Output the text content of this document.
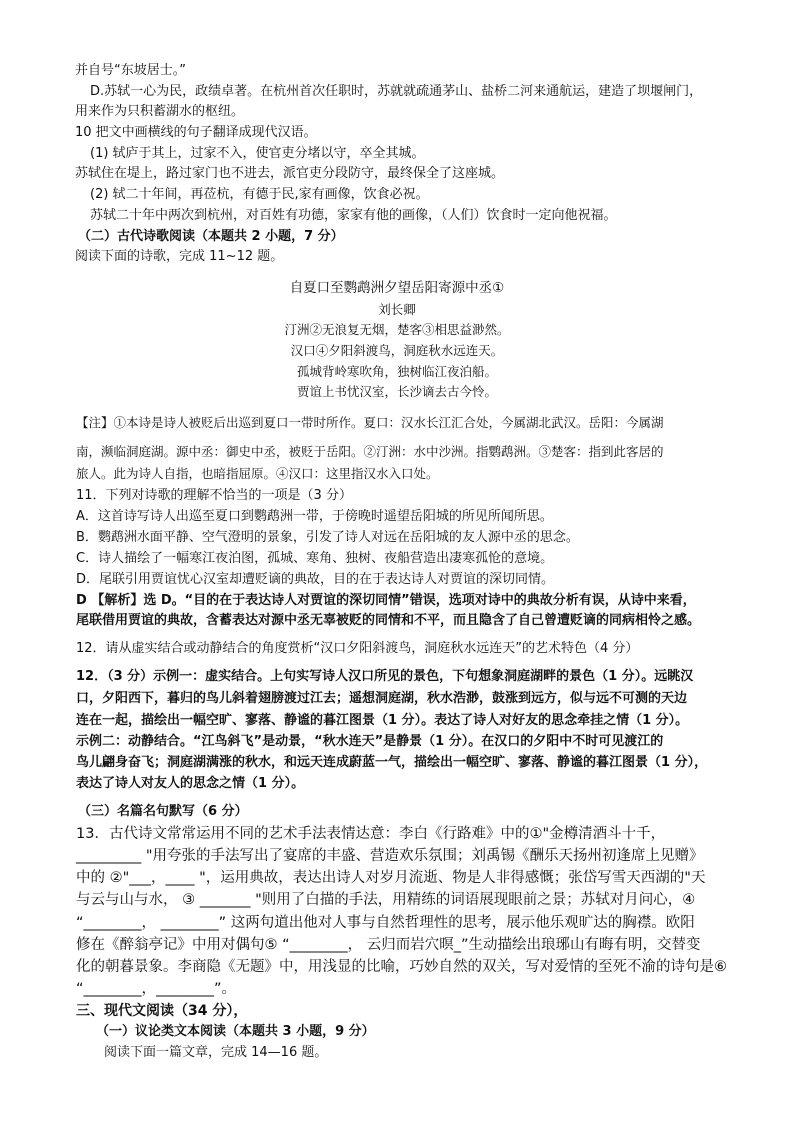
并自号“东坡居士。”
D.苏轼一心为民，政绩卓著。在杭州首次任职时，苏就就疏通茅山、盐桥二河来通航运，建造了坝堰闸门，
用来作为只积蓄湖水的枢纽。
10 把文中画横线的句子翻译成现代汉语。
(1) 轼庐于其上，过家不入，使官吏分堵以守，卒全其城。
苏轼住在堤上，路过家门也不进去，派官吏分段防守，最终保全了这座城。
(2) 轼二十年间，再莅杭，有德于民,家有画像，饮食必祝。
苏轼二十年中两次到杭州，对百姓有功德，家家有他的画像，（人们）饮食时一定向他祝福。
（二）古代诗歌阅读（本题共 2 小题，7 分）
阅读下面的诗歌，完成 11~12 题。
自夏口至鹦鹉洲夕望岳阳寄源中丞①
刘长卿
汀洲②无浪复无烟，楚客③相思益渺然。
汉口④夕阳斜渡鸟，洞庭秋水远连天。
孤城背岭寒吹角，独树临江夜泊船。
贾谊上书忧汉室，长沙谪去古今怜。
【注】①本诗是诗人被贬后出巡到夏口一带时所作。夏口：汉水长江汇合处，今属湖北武汉。岳阳：今属湖
南，濒临洞庭湖。源中丞：御史中丞，被贬于岳阳。②汀洲：水中沙洲。指鹦鹉洲。③楚客：指到此客居的
旅人。此为诗人自指，也暗指屈原。④汉口：这里指汉水入口处。
11．下列对诗歌的理解不恰当的一项是（3 分）
A．这首诗写诗人出巡至夏口到鹦鹉洲一带，于傍晚时遥望岳阳城的所见所闻所思。
B．鹦鹉洲水面平静、空气澄明的景象，引发了诗人对远在岳阳城的友人源中丞的思念。
C．诗人描绘了一幅寒江夜泊图，孤城、寒角、独树、夜船营造出凄寒孤怆的意境。
D．尾联引用贾谊忧心汉室却遭贬谪的典故，目的在于表达诗人对贾谊的深切同情。
D 【解析】选 D。“目的在于表达诗人对贾谊的深切同情”错误，选项对诗中的典故分析有误，从诗中来看，
尾联借用贾谊的典故，含蓄表达对源中丞无辜被贬的同情和不平，而且隐含了自己曾遭贬谪的同病相怜之感。
12．请从虚实结合或动静结合的角度赏析“汉口夕阳斜渡鸟，洞庭秋水远连天”的艺术特色（4 分）
12．（3 分）示例一：虚实结合。上句实写诗人汉口所见的景色，下句想象洞庭湖畔的景色（1 分）。远眺汉
口，夕阳西下，暮归的鸟儿斜着翅膀渡过江去；遥想洞庭湖，秋水浩渺，鼓涨到远方，似与远不可测的天边
连在一起，描绘出一幅空旷、寥落、静谧的暮江图景（1 分）。表达了诗人对好友的思念牵挂之情（1 分）。
示例二：动静结合。“江鸟斜飞”是动景，“秋水连天”是静景（1 分）。在汉口的夕阳中不时可见渡江的
鸟儿翩身奋飞；洞庭湖满涨的秋水，和远天连成蔚蓝一气，描绘出一幅空旷、寥落、静谧的暮江图景（1 分），
表达了诗人对友人的思念之情（1 分）。
（三）名篇名句默写（6 分）
13．古代诗文常常运用不同的艺术手法表情达意：李白《行路难》中的①"金樽清酒斗十千，
_________ "用夸张的手法写出了宴席的丰盛、营造欢乐氛围；刘禹锡《酬乐天扬州初逢席上见赠》
中的 ②"___，____ "，运用典故，表达出诗人对岁月流逝、物是人非得感慨；张岱写雪天西湖的"天
与云与山与水， ③ _______ "则用了白描的手法，用精练的词语展现眼前之景；苏轼对月问心，④
“________， ________” 这两句道出他对人事与自然哲理性的思考，展示他乐观旷达的胸襟。欧阳
修在《醉翁亭记》中用对偶句⑤ “________， 云归而岩穴暝_”生动描绘出琅琊山有晦有明，交替变
化的朝暮景象。李商隐《无题》中，用浅显的比喻，巧妙自然的双关，写对爱情的至死不渝的诗句是⑥
“________，________”。
三、现代文阅读（34 分），
（一）议论类文本阅读（本题共 3 小题，9 分）
阅读下面一篇文章，完成 14—16 题。
